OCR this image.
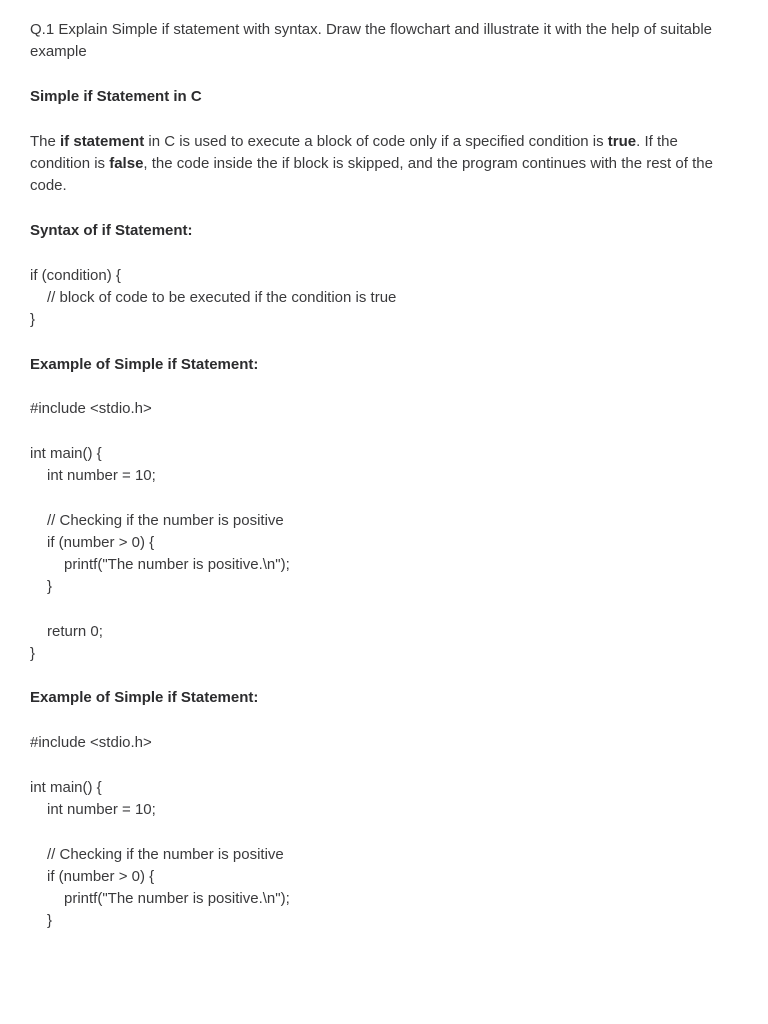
Q.1 Explain Simple if statement with syntax. Draw the flowchart and illustrate it with the help of suitable example
Simple if Statement in C
The if statement in C is used to execute a block of code only if a specified condition is true. If the condition is false, the code inside the if block is skipped, and the program continues with the rest of the code.
Syntax of if Statement:
if (condition) {
// block of code to be executed if the condition is true
}
Example of Simple if Statement:
#include <stdio.h>
int main() {
int number = 10;
// Checking if the number is positive
if (number > 0) {
printf("The number is positive.\n");
}
return 0;
}
Example of Simple if Statement:
#include <stdio.h>
int main() {
int number = 10;
// Checking if the number is positive
if (number > 0) {
printf("The number is positive.\n");
}
